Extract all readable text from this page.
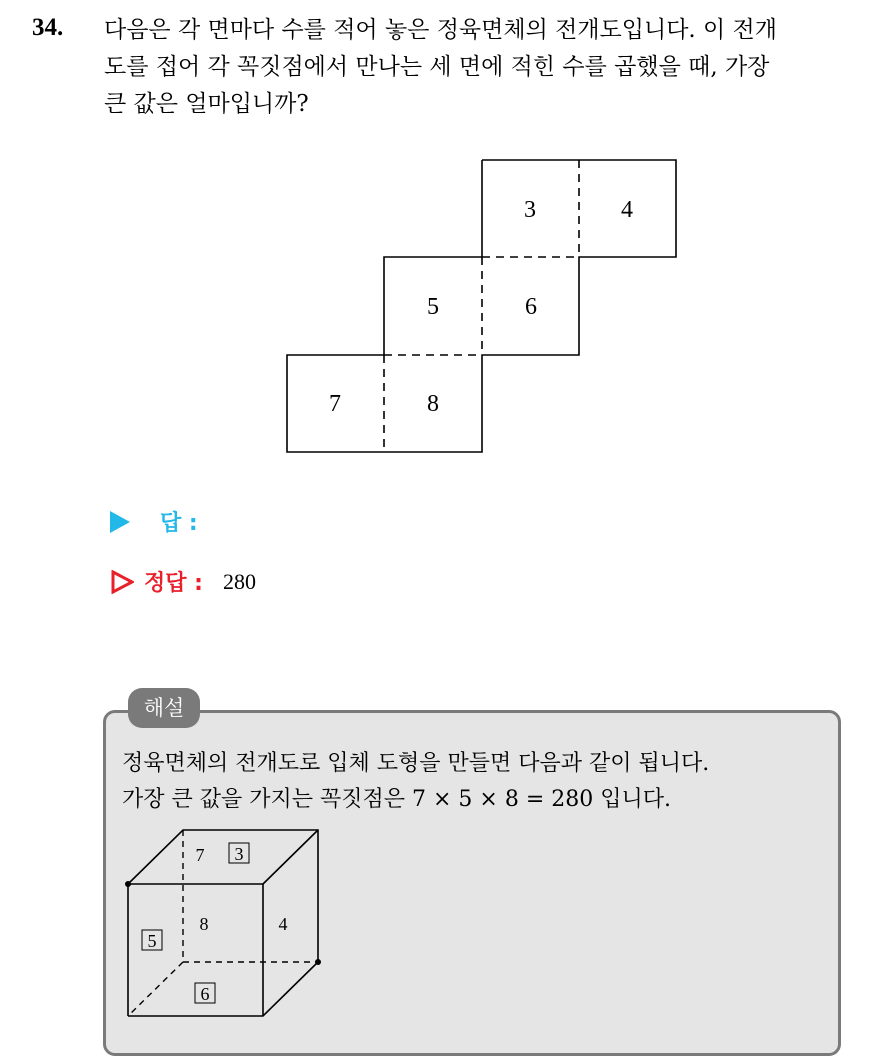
34. 다음은 각 면마다 수를 적어 놓은 정육면체의 전개도입니다. 이 전개
도를 접어 각 꼭짓점에서 만나는 세 면에 적힌 수를 곱했을 때, 가장
큰 값은 얼마입니까?
3	4
5	6
7	8
답 :
정답 : 280
해설
정육면체의 전개도로 입체 도형을 만들면 다음과 같이 됩니다.
가장 큰 값을 가지는 꼭짓점은 7 × 5 × 8 = 280 입니다.
7 3
8	4
5
6
